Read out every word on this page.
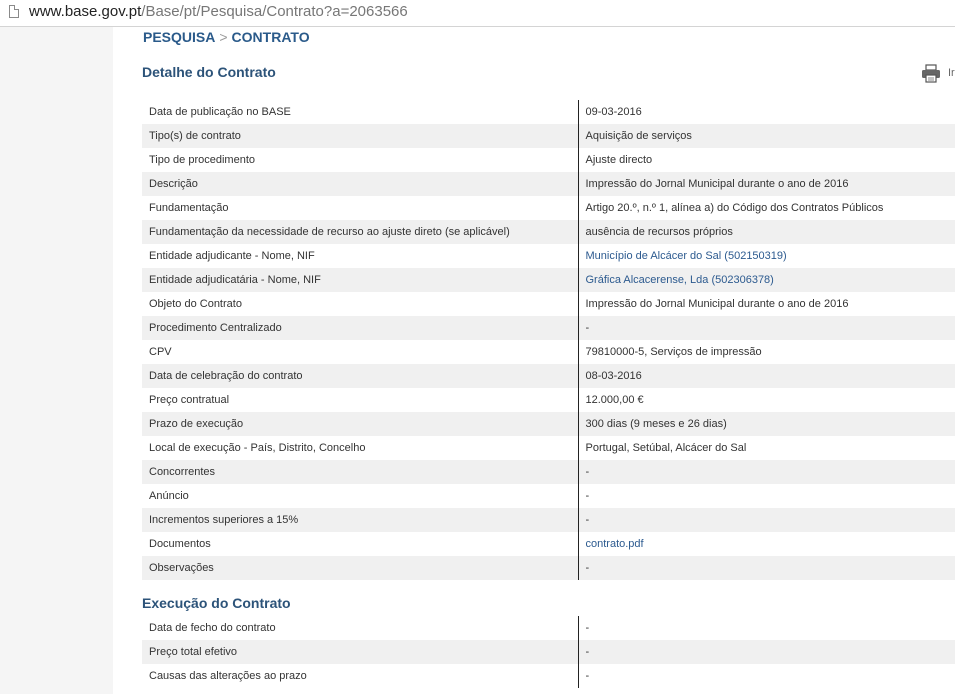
www.base.gov.pt/Base/pt/Pesquisa/Contrato?a=2063566
PESQUISA > CONTRATO
Detalhe do Contrato	Ir
Data de publicação no BASE	09-03-2016
Tipo(s) de contrato	Aquisição de serviços
Tipo de procedimento	Ajuste directo
Descrição	Impressão do Jornal Municipal durante o ano de 2016
Fundamentação	Artigo 20.º, n.º 1, alínea a) do Código dos Contratos Públicos
Fundamentação da necessidade de recurso ao ajuste direto (se aplicável)	ausência de recursos próprios
Entidade adjudicante - Nome, NIF	Município de Alcácer do Sal (502150319)
Entidade adjudicatária - Nome, NIF	Gráfica Alcacerense, Lda (502306378)
Objeto do Contrato	Impressão do Jornal Municipal durante o ano de 2016
Procedimento Centralizado	-
CPV	79810000-5, Serviços de impressão
Data de celebração do contrato	08-03-2016
Preço contratual	12.000,00 €
Prazo de execução	300 dias (9 meses e 26 dias)
Local de execução - País, Distrito, Concelho	Portugal, Setúbal, Alcácer do Sal
Concorrentes	-
Anúncio	-
Incrementos superiores a 15%	-
Documentos	contrato.pdf
Observações	-
Execução do Contrato
Data de fecho do contrato	-
Preço total efetivo	-
Causas das alterações ao prazo	-
